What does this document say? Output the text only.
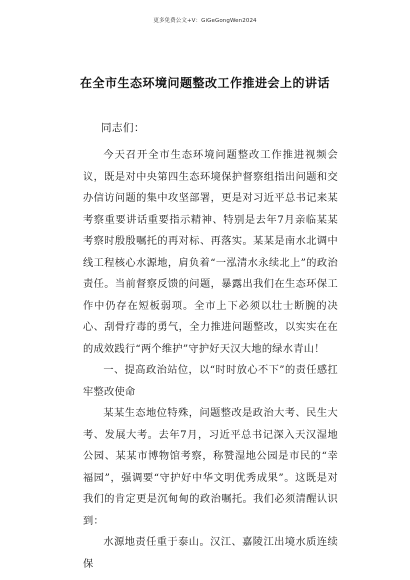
更多免费公文+V：GiGeGongWen2024
在全市生态环境问题整改工作推进会上的讲话
同志们：

今天召开全市生态环境问题整改工作推进视频会议，既是对中央第四生态环境保护督察组指出问题和交办信访问题的集中攻坚部署，更是对习近平总书记来某考察重要讲话重要指示精神、特别是去年7月亲临某某考察时殷殷嘱托的再对标、再落实。某某是南水北调中线工程核心水源地，肩负着“一泓清水永续北上”的政治责任。当前督察反馈的问题，暴露出我们在生态环保工作中仍存在短板弱项。全市上下必须以壮士断腕的决心、刮骨疗毒的勇气，全力推进问题整改，以实实在在的成效践行“两个维护”守护好天汉大地的绿水青山！

一、提高政治站位，以“时时放心不下”的责任感扛牢整改使命

某某生态地位特殊，问题整改是政治大考、民生大考、发展大考。去年7月，习近平总书记深入天汉湿地公园、某某市博物馆考察，称赞湿地公园是市民的“幸福园”，强调要“守护好中华文明优秀成果”。这既是对我们的肯定更是沉甸甸的政治嘱托。我们必须清醒认识到：

水源地责任重于泰山。汉江、嘉陵江出境水质连续保
